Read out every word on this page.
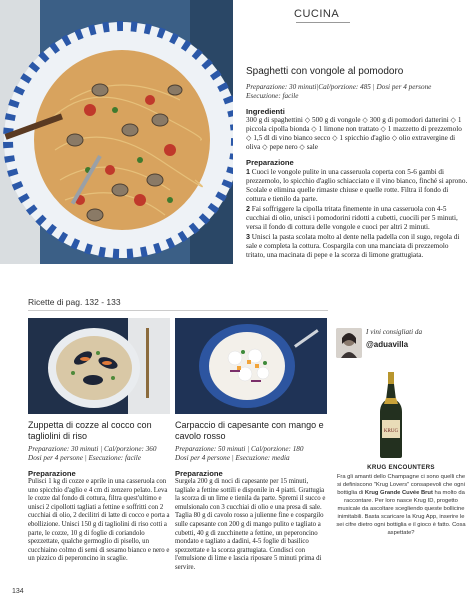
CUCINA
Spaghetti con vongole al pomodoro
Preparazione: 30 minuti|Cal/porzione: 485 | Dosi per 4 persone
Esecuzione: facile
Ingredienti
300 g di spaghettini ◇ 500 g di vongole ◇ 300 g di pomodori datterini ◇ 1 piccola cipolla bionda ◇ 1 limone non trattato ◇ 1 mazzetto di prezzemolo ◇ 1,5 dl di vino bianco secco ◇ 1 spicchio d'aglio ◇ olio extravergine di oliva ◇ pepe nero ◇ sale
Preparazione
1 Cuoci le vongole pulite in una casseruola coperta con 5-6 gambi di prezzemolo, lo spicchio d'aglio schiacciato e il vino bianco, finché si aprono. Scolale e elimina quelle rimaste chiuse e quelle rotte. Filtra il fondo di cottura e tienilo da parte.
2 Fai soffriggere la cipolla tritata finemente in una casseruola con 4-5 cucchiai di olio, unisci i pomodorini ridotti a cubetti, cuocili per 5 minuti, versa il fondo di cottura delle vongole e cuoci per altri 2 minuti.
3 Unisci la pasta scolata molto al dente nella padella con il sugo, regola di sale e completa la cottura. Cospargila con una manciata di prezzemolo tritato, una macinata di pepe e la scorza di limone grattugiata.
Ricette di pag. 132 - 133
Zuppetta di cozze al cocco con tagliolini di riso
Preparazione: 30 minuti | Cal/porzione: 360
Dosi per 4 persone | Esecuzione: facile
Preparazione
Pulisci 1 kg di cozze e aprile in una casseruola con uno spicchio d'aglio e 4 cm di zenzero pelato. Leva le cozze dal fondo di cottura, filtra quest'ultimo e unisci 2 cipollotti tagliati a fettine e soffritti con 2 cucchiai di olio, 2 decilitri di latte di cocco e porta a ebollizione. Unisci 150 g di tagliolini di riso cotti a parte, le cozze, 10 g di foglie di coriandolo spezzettate, qualche germoglio di pisello, un cucchiaino colmo di semi di sesamo bianco e nero e un pizzico di peperoncino in scaglie.
Carpaccio di capesante con mango e cavolo rosso
Preparazione: 50 minuti | Cal/porzione: 180
Dosi per 4 persone | Esecuzione: media
Preparazione
Surgela 200 g di noci di capesante per 15 minuti, tagliale a fettine sottili e disponile in 4 piatti. Grattugia la scorza di un lime e tienila da parte. Spremi il succo e emulsionalo con 3 cucchiai di olio e una presa di sale. Taglia 80 g di cavolo rosso a julienne fine e cospargilo sulle capesante con 200 g di mango pulito e tagliato a cubetti, 40 g di zucchinette a fettine, un peperoncino mondato e tagliato a dadini, 4-5 foglie di basilico spezzettate e la scorza grattugiata. Condisci con l'emulsione di lime e lascia riposare 5 minuti prima di servire.
I vini consigliati da
@aduavilla
KRUG
KRUG ENCOUNTERS
Fra gli amanti dello Champagne ci sono quelli che si definiscono "Krug Lovers" consapevoli che ogni bottiglia di Krug Grande Cuvée Brut ha molto da raccontare. Per loro nasce Krug ID, progetto musicale da ascoltare scegliendo queste bollicine inimitabili. Basta scaricare la Krug App, inserire le sei cifre dietro ogni bottiglia e il gioco è fatto. Cosa aspettate?
134
